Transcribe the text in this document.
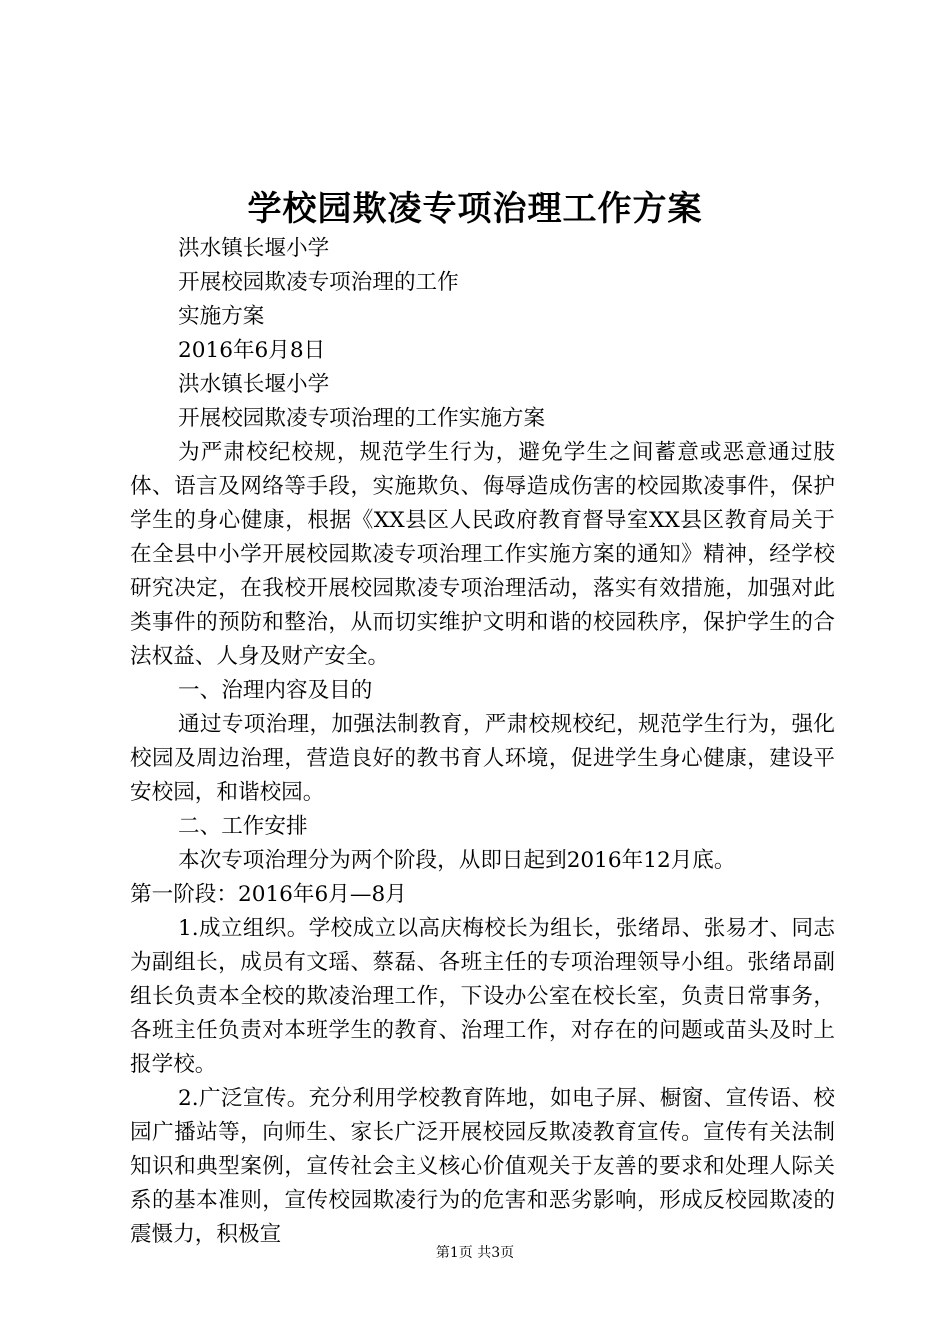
学校园欺凌专项治理工作方案
洪水镇长堰小学
开展校园欺凌专项治理的工作
实施方案
2016年6月8日
洪水镇长堰小学
开展校园欺凌专项治理的工作实施方案

为严肃校纪校规，规范学生行为，避免学生之间蓄意或恶意通过肢体、语言及网络等手段，实施欺负、侮辱造成伤害的校园欺凌事件，保护学生的身心健康，根据《XX县区人民政府教育督导室XX县区教育局关于在全县中小学开展校园欺凌专项治理工作实施方案的通知》精神，经学校研究决定，在我校开展校园欺凌专项治理活动，落实有效措施，加强对此类事件的预防和整治，从而切实维护文明和谐的校园秩序，保护学生的合法权益、人身及财产安全。

一、治理内容及目的

通过专项治理，加强法制教育，严肃校规校纪，规范学生行为，强化校园及周边治理，营造良好的教书育人环境，促进学生身心健康，建设平安校园，和谐校园。

二、工作安排
本次专项治理分为两个阶段，从即日起到2016年12月底。
第一阶段：2016年6月—8月

1.成立组织。学校成立以高庆梅校长为组长，张绪昂、张易才、同志为副组长，成员有文瑶、蔡磊、各班主任的专项治理领导小组。张绪昂副组长负责本全校的欺凌治理工作，下设办公室在校长室，负责日常事务，各班主任负责对本班学生的教育、治理工作，对存在的问题或苗头及时上报学校。

2.广泛宣传。充分利用学校教育阵地，如电子屏、橱窗、宣传语、校园广播站等，向师生、家长广泛开展校园反欺凌教育宣传。宣传有关法制知识和典型案例，宣传社会主义核心价值观关于友善的要求和处理人际关系的基本准则，宣传校园欺凌行为的危害和恶劣影响，形成反校园欺凌的震慑力，积极宣

第1页 共3页
